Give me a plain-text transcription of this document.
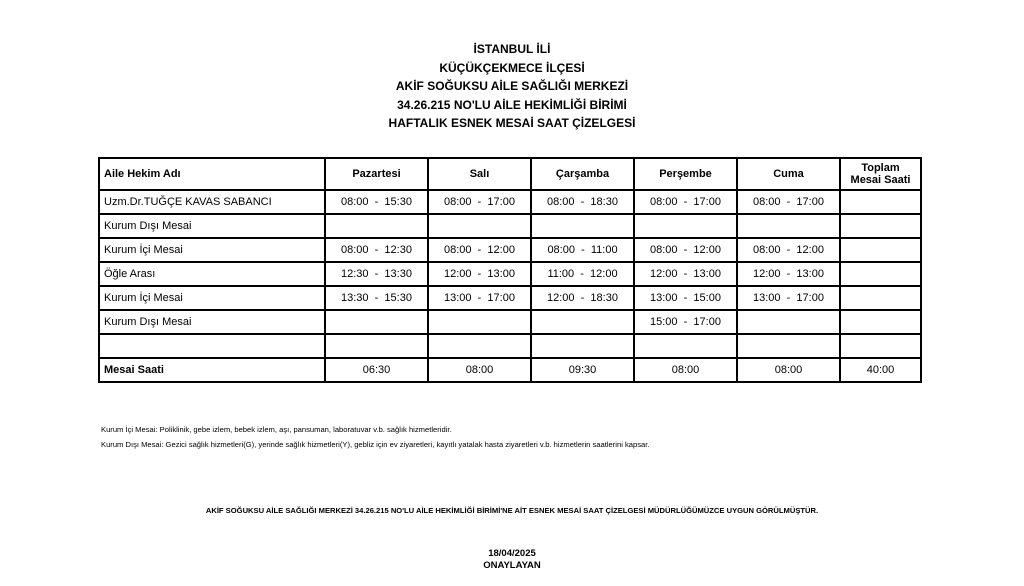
İSTANBUL İLİ
KÜÇÜKÇEKMECE İLÇESİ
AKİF SOĞUKSU AİLE SAĞLIĞI MERKEZİ
34.26.215 NO'LU AİLE HEKİMLİĞİ BİRİMİ
HAFTALIK ESNEK MESAİ SAAT ÇİZELGESİ
Aile Hekim Adı	Pazartesi	Salı	Çarşamba	Perşembe	Cuma	Toplam
Mesai Saati
Uzm.Dr.TUĞÇE KAVAS SABANCI	08:00  -  15:30	08:00  -  17:00	08:00  -  18:30	08:00  -  17:00	08:00  -  17:00	
Kurum Dışı Mesai						
Kurum İçi Mesai	08:00  -  12:30	08:00  -  12:00	08:00  -  11:00	08:00  -  12:00	08:00  -  12:00	
Öğle Arası	12:30  -  13:30	12:00  -  13:00	11:00  -  12:00	12:00  -  13:00	12:00  -  13:00	
Kurum İçi Mesai	13:30  -  15:30	13:00  -  17:00	12:00  -  18:30	13:00  -  15:00	13:00  -  17:00	
Kurum Dışı Mesai				15:00  -  17:00		

Mesai Saati	06:30	08:00	09:30	08:00	08:00	40:00
Kurum İçi Mesai: Poliklinik, gebe izlem, bebek izlem, aşı, pansuman, laboratuvar v.b. sağlık hizmetleridir.
Kurum Dışı Mesai: Gezici sağlık hizmetleri(G), yerinde sağlık hizmetleri(Y), gebliz için ev ziyaretleri, kayıtlı yatalak hasta ziyaretleri v.b. hizmetlerin saatlerini kapsar.
AKİF SOĞUKSU AİLE SAĞLIĞI MERKEZİ 34.26.215 NO'LU AİLE HEKİMLİĞİ BİRİMİ'NE AİT ESNEK MESAİ SAAT ÇİZELGESİ MÜDÜRLÜĞÜMÜZCE UYGUN GÖRÜLMÜŞTÜR.
18/04/2025
ONAYLAYAN
